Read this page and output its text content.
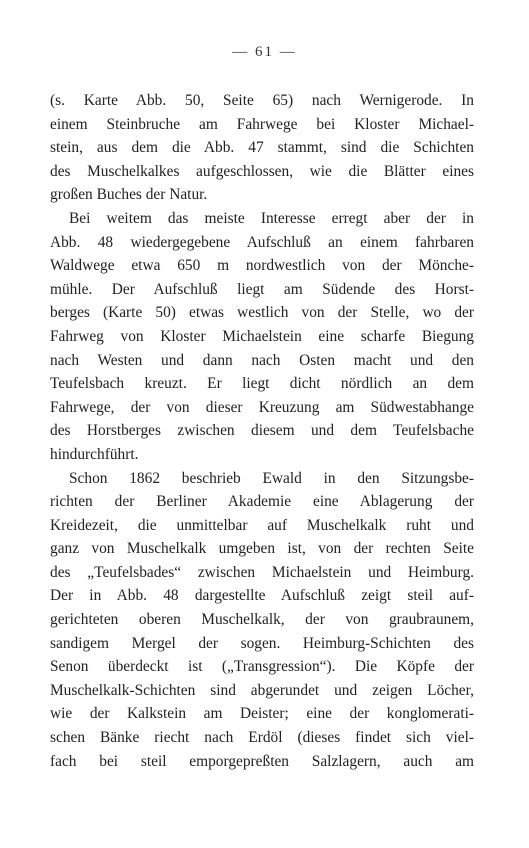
— 61 —
(s. Karte Abb. 50, Seite 65) nach Wernigerode. In
einem Steinbruche am Fahrwege bei Kloster Michael-
stein, aus dem die Abb. 47 stammt, sind die Schichten
des Muschelkalkes aufgeschlossen, wie die Blätter eines
großen Buches der Natur.
Bei weitem das meiste Interesse erregt aber der in
Abb. 48 wiedergegebene Aufschluß an einem fahrbaren
Waldwege etwa 650 m nordwestlich von der Mönche-
mühle. Der Aufschluß liegt am Südende des Horst-
berges (Karte 50) etwas westlich von der Stelle, wo der
Fahrweg von Kloster Michaelstein eine scharfe Biegung
nach Westen und dann nach Osten macht und den
Teufelsbach kreuzt. Er liegt dicht nördlich an dem
Fahrwege, der von dieser Kreuzung am Südwestabhange
des Horstberges zwischen diesem und dem Teufelsbache
hindurchführt.
Schon 1862 beschrieb Ewald in den Sitzungsbe-
richten der Berliner Akademie eine Ablagerung der
Kreidezeit, die unmittelbar auf Muschelkalk ruht und
ganz von Muschelkalk umgeben ist, von der rechten Seite
des „Teufelsbades“ zwischen Michaelstein und Heimburg.
Der in Abb. 48 dargestellte Aufschluß zeigt steil auf-
gerichteten oberen Muschelkalk, der von graubraunem,
sandigem Mergel der sogen. Heimburg-Schichten des
Senon überdeckt ist („Transgression“). Die Köpfe der
Muschelkalk-Schichten sind abgerundet und zeigen Löcher,
wie der Kalkstein am Deister; eine der konglomerati-
schen Bänke riecht nach Erdöl (dieses findet sich viel-
fach bei steil emporgepreßten Salzlagern, auch am
